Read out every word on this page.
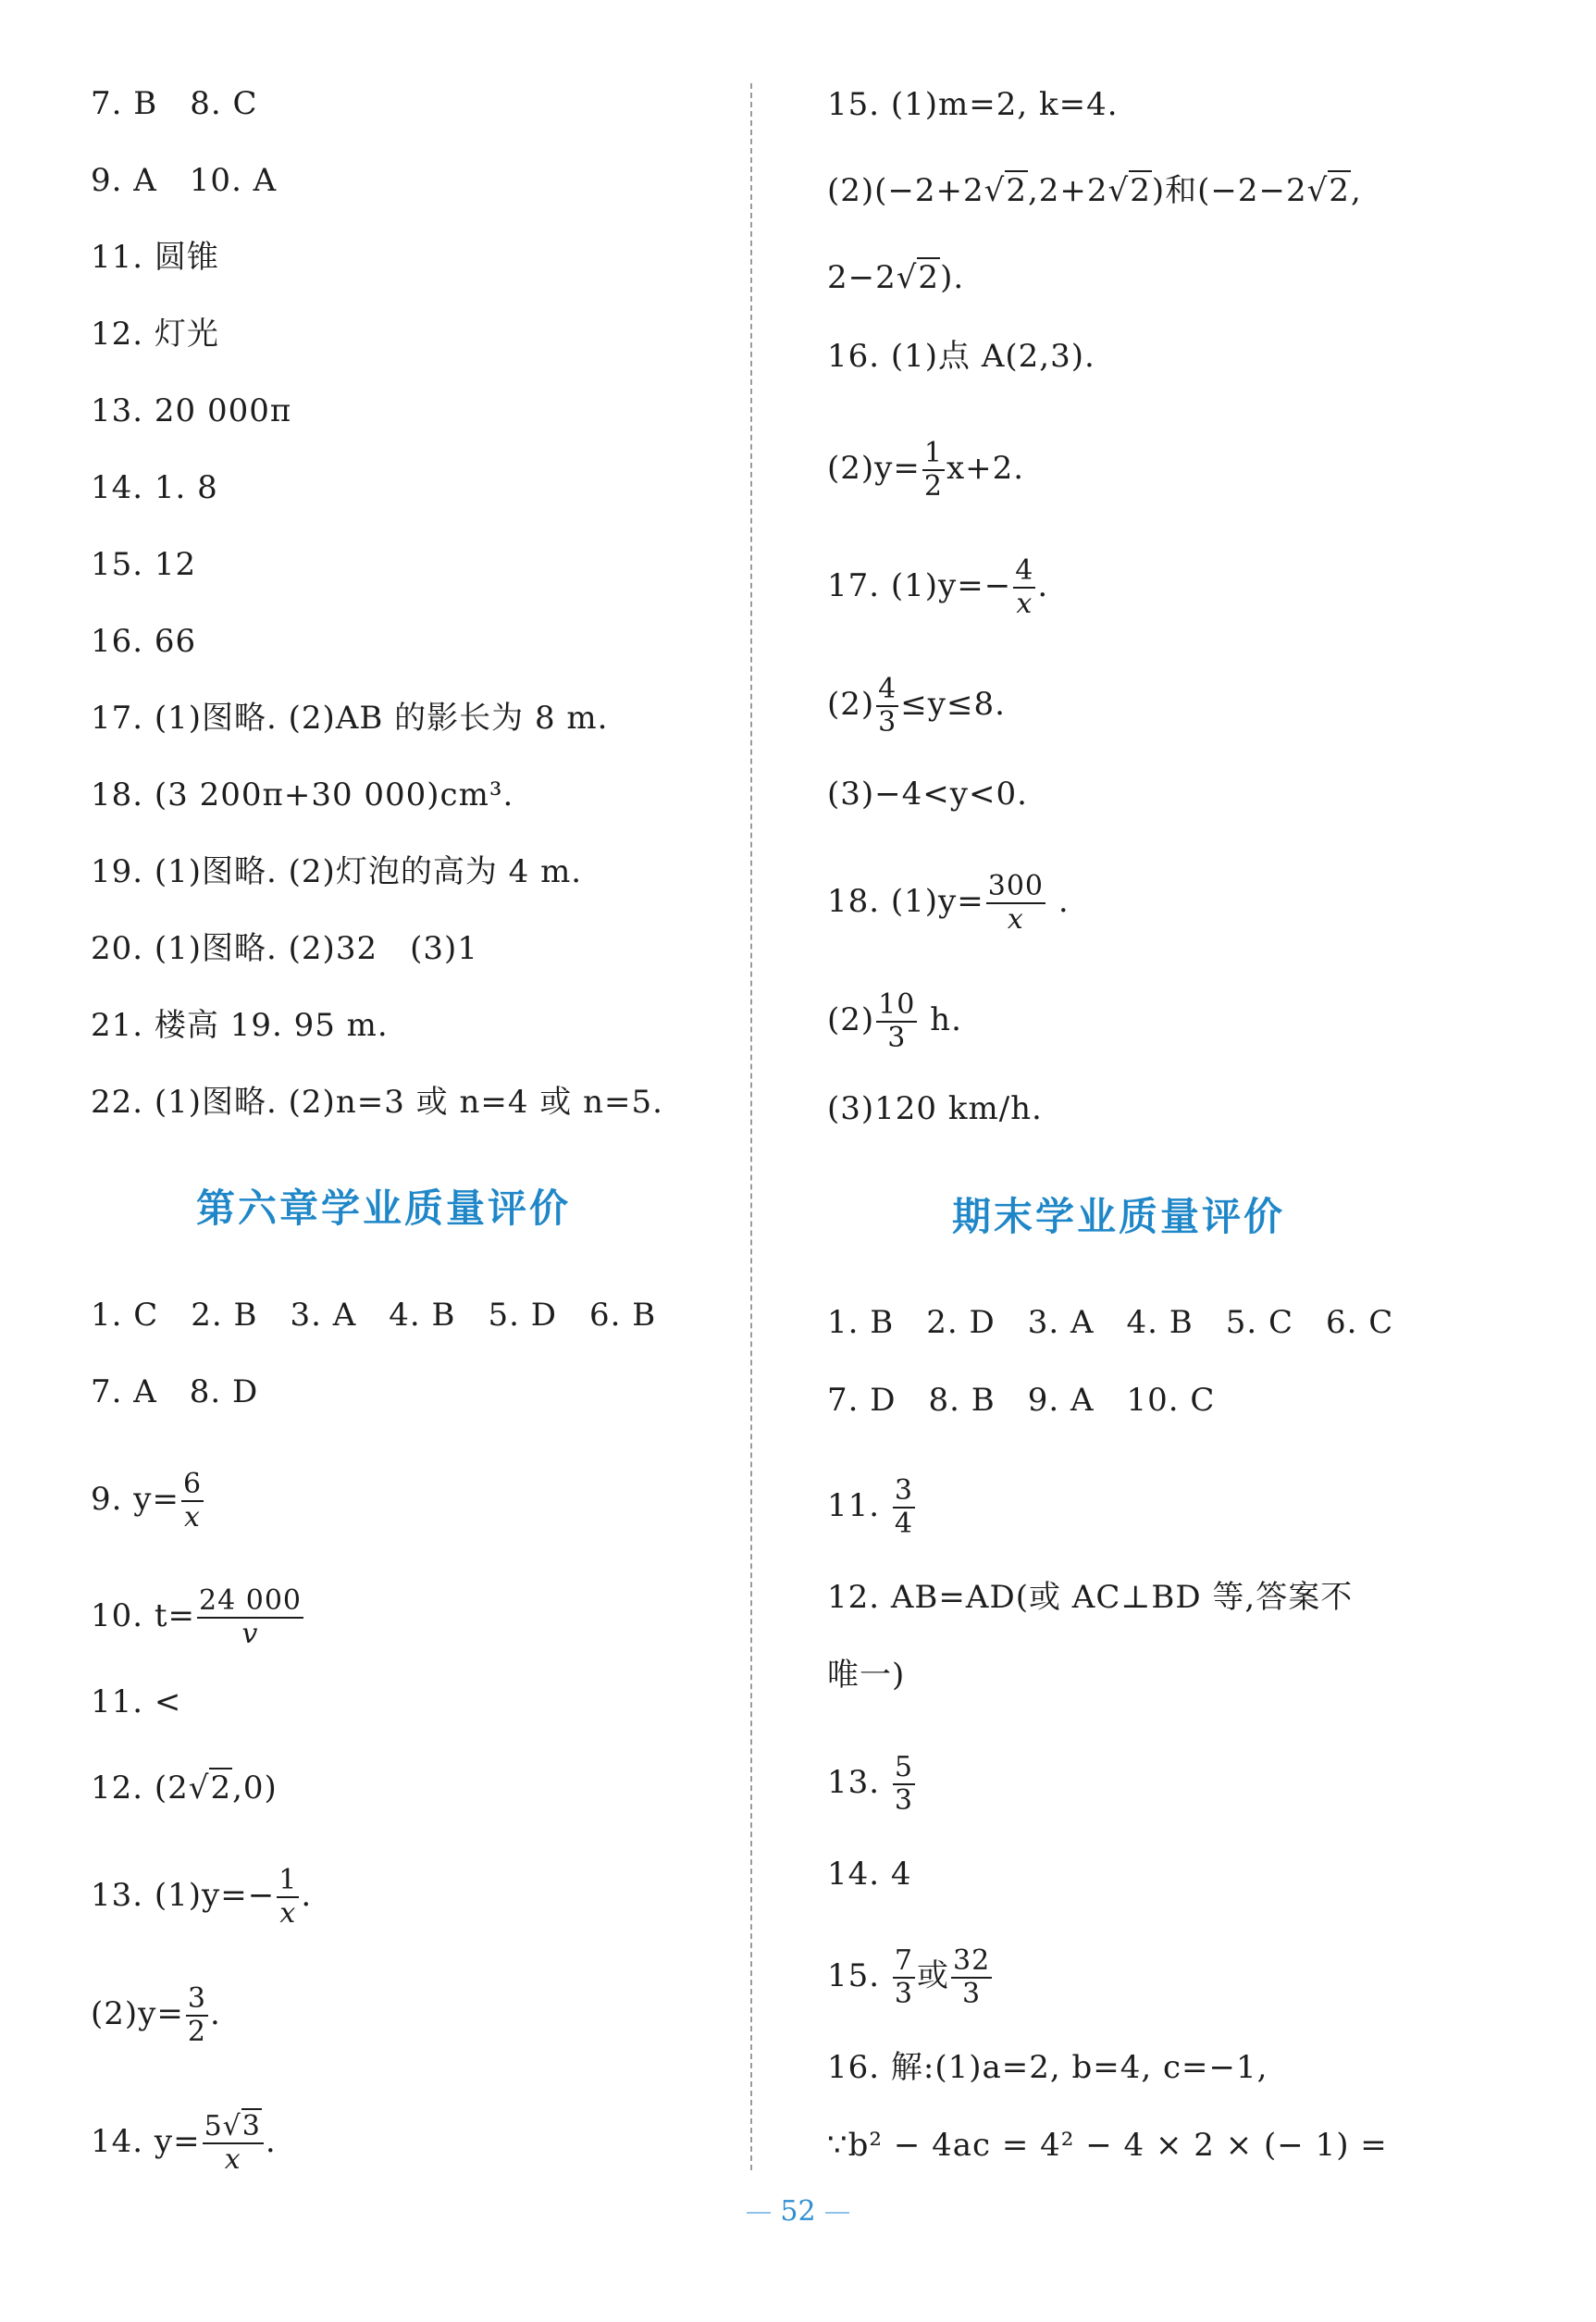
7. B　8. C
9. A　10. A
11. 圆锥
12. 灯光
13. 20 000π
14. 1. 8
15. 12
16. 66
17. (1)图略. (2)AB 的影长为 8 m.
18. (3 200π+30 000)cm³.
19. (1)图略. (2)灯泡的高为 4 m.
20. (1)图略. (2)32　(3)1
21. 楼高 19. 95 m.
22. (1)图略. (2)n=3 或 n=4 或 n=5.
第六章学业质量评价
1. C　2. B　3. A　4. B　5. D　6. B
7. A　8. D
9. $y= \frac{6}{x}$
10. $t= \frac{24 000}{v}$
11. <
12. (2√2,0)
13. $(1)y=- \frac{1}{x}$ .
$(2)y= \frac{3}{2}$ .
14. $y= \frac{5√3}{x}$ .
15. (1)m=2, k=4.
(2)(−2+2√2,2+2√2)和(−2−2√2,
2−2√2).
16. (1)点 A(2,3).
$(2)y= \frac{1}{2} x+2$.
17. $(1)y=- \frac{4}{x}$ .
$(2) \frac{4}{3} \le y\le 8$.
(3)−4<y<0.
18. $(1)y= \frac{300}{x}$ .
$(2) \frac{10}{3} h$.
(3)120 km/h.
期末学业质量评价
1. B　2. D　3. A　4. B　5. C　6. C
7. D　8. B　9. A　10. C
11. $\frac{3}{4}$
12. AB=AD(或 AC⊥BD 等,答案不
唯一)
13. $\frac{5}{3}$
14. 4
15. $\frac{7}{3}$ 或 $\frac{32}{3}$
16. 解:(1)a=2, b=4, c=−1,
∵b² − 4ac = 4² − 4 × 2 × (− 1) =
52
